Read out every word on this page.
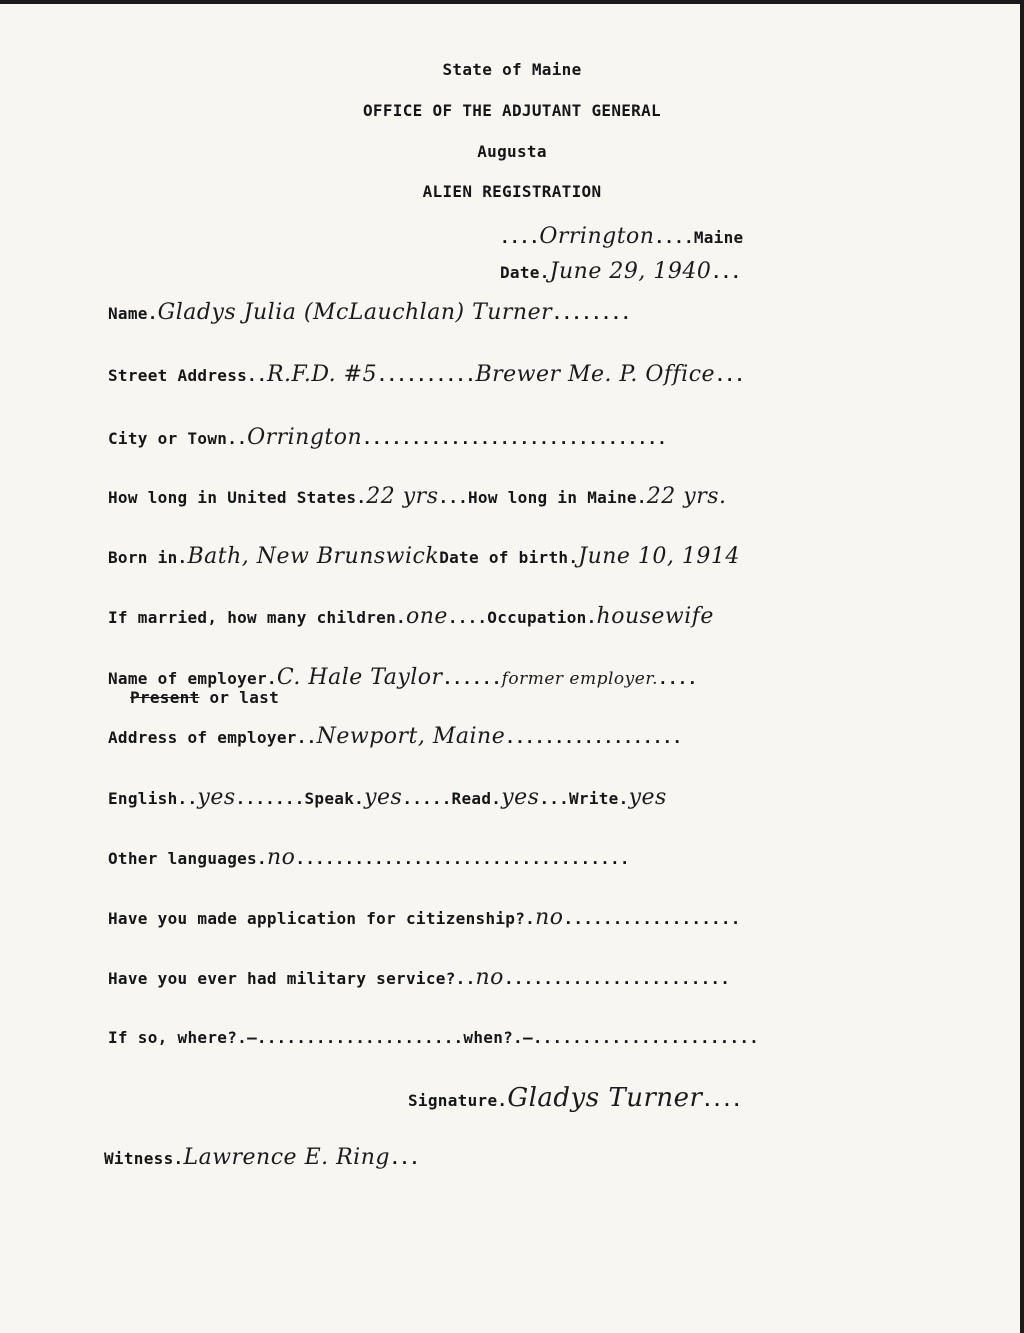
State of Maine
OFFICE OF THE ADJUTANT GENERAL
Augusta
ALIEN REGISTRATION
....Orrington....Maine
Date.June 29, 1940...
Name.Gladys Julia (McLauchlan) Turner........
Street Address..R.F.D. #5..........Brewer Me. P. Office...
City or Town..Orrington...............................
How long in United States.22 yrs...How long in Maine.22 yrs.
Born in.Bath, New BrunswickDate of birth.June 10, 1914
If married, how many children.one....Occupation.housewife
Name of employer.C. Hale Taylor......former employer.....
Present or last
Address of employer..Newport, Maine..................
English..yes.......Speak.yes.....Read.yes...Write.yes
Other languages.no..................................
Have you made application for citizenship?.no..................
Have you ever had military service?..no.......................
If so, where?.—.....................when?.—.......................
Signature.Gladys Turner....
Witness.Lawrence E. Ring...
